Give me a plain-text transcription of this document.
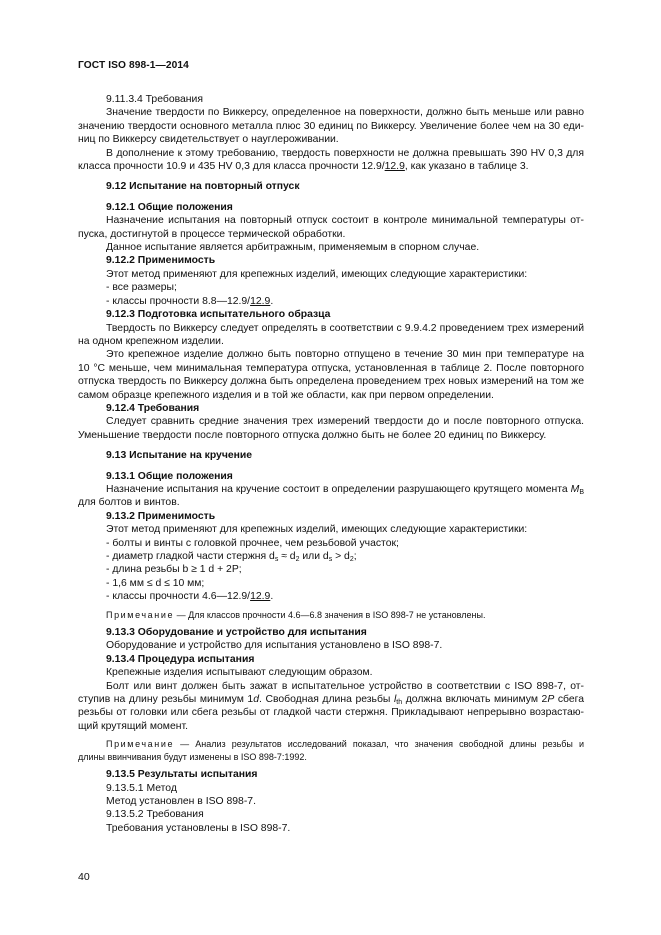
ГОСТ ISO 898-1—2014

9.11.3.4 Требования

Значение твердости по Виккерсу, определенное на поверхности, должно быть меньше или равно

значению твердости основного металла плюс 30 единиц по Виккерсу. Увеличение более чем на 30 еди-

ниц по Виккерсу свидетельствует о науглероживании.

В дополнение к этому требованию, твердость поверхности не должна превышать 390 HV 0,3 для

класса прочности 10.9 и 435 HV 0,3 для класса прочности 12.9/12.9, как указано в таблице 3.

9.12 Испытание на повторный отпуск

9.12.1 Общие положения

Назначение испытания на повторный отпуск состоит в контроле минимальной температуры от-

пуска, достигнутой в процессе термической обработки.

Данное испытание является арбитражным, применяемым в спорном случае.

9.12.2 Применимость

Этот метод применяют для крепежных изделий, имеющих следующие характеристики:

- все размеры;

- классы прочности 8.8—12.9/12.9.

9.12.3 Подготовка испытательного образца

Твердость по Виккерсу следует определять в соответствии с 9.9.4.2 проведением трех измерений

на одном крепежном изделии.

Это крепежное изделие должно быть повторно отпущено в течение 30 мин при температуре на

10 °C меньше, чем минимальная температура отпуска, установленная в таблице 2. После повторного

отпуска твердость по Виккерсу должна быть определена проведением трех новых измерений на том же

самом образце крепежного изделия и в той же области, как при первом определении.

9.12.4 Требования

Следует сравнить средние значения трех измерений твердости до и после повторного отпуска.

Уменьшение твердости после повторного отпуска должно быть не более 20 единиц по Виккерсу.

9.13 Испытание на кручение

9.13.1 Общие положения

Назначение испытания на кручение состоит в определении разрушающего крутящего момента $M_B$

для болтов и винтов.

9.13.2 Применимость

Этот метод применяют для крепежных изделий, имеющих следующие характеристики:

- болты и винты с головкой прочнее, чем резьбовой участок;

- диаметр гладкой части стержня $d_s \approx d_2$ или $d_s > d_2$;

- длина резьбы b ≥ 1 d + 2P;

- 1,6 мм ≤ d ≤ 10 мм;

- классы прочности 4.6—12.9/12.9.

Примечание — Для классов прочности 4.6—6.8 значения в ISO 898-7 не установлены.

9.13.3 Оборудование и устройство для испытания

Оборудование и устройство для испытания установлено в ISO 898-7.

9.13.4 Процедура испытания

Крепежные изделия испытывают следующим образом.

Болт или винт должен быть зажат в испытательное устройство в соответствии с ISO 898-7, от-

ступив на длину резьбы минимум 1d. Свободная длина резьбы $l_{th}$ должна включать минимум 2P сбега

резьбы от головки или сбега резьбы от гладкой части стержня. Прикладывают непрерывно возрастаю-

щий крутящий момент.

Примечание — Анализ результатов исследований показал, что значения свободной длины резьбы и

длины ввинчивания будут изменены в ISO 898-7:1992.

9.13.5 Результаты испытания

9.13.5.1 Метод

Метод установлен в ISO 898-7.

9.13.5.2 Требования

Требования установлены в ISO 898-7.

40
